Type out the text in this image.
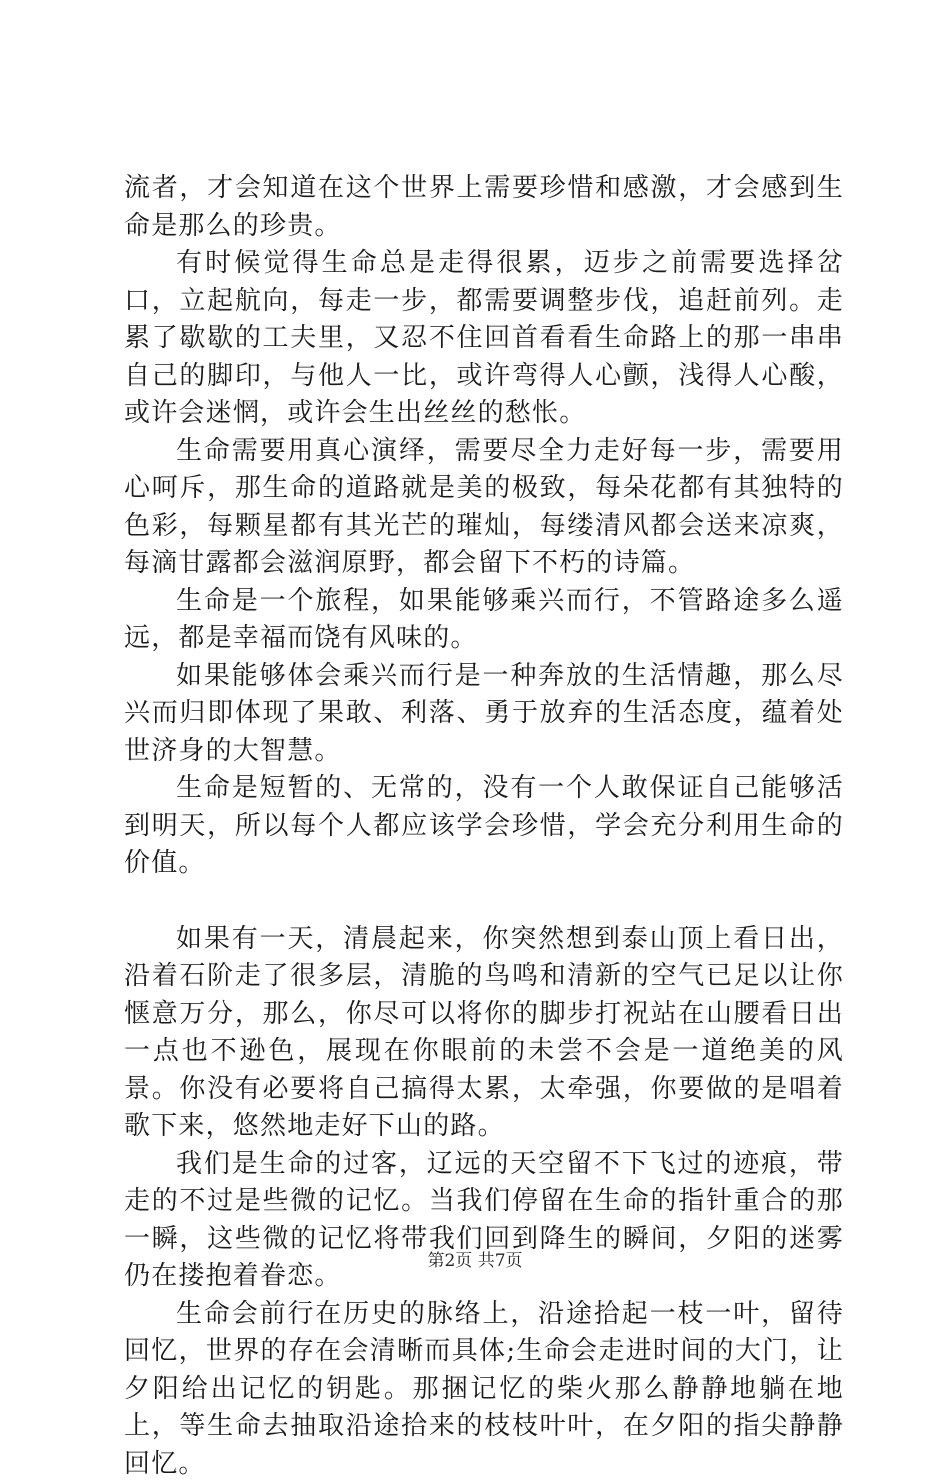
流者，才会知道在这个世界上需要珍惜和感激，才会感到生命是那么的珍贵。

有时候觉得生命总是走得很累，迈步之前需要选择岔口，立起航向，每走一步，都需要调整步伐，追赶前列。走累了歇歇的工夫里，又忍不住回首看看生命路上的那一串串自己的脚印，与他人一比，或许弯得人心颤，浅得人心酸，或许会迷惘，或许会生出丝丝的愁怅。

生命需要用真心演绎，需要尽全力走好每一步，需要用心呵斥，那生命的道路就是美的极致，每朵花都有其独特的色彩，每颗星都有其光芒的璀灿，每缕清风都会送来凉爽，每滴甘露都会滋润原野，都会留下不朽的诗篇。

生命是一个旅程，如果能够乘兴而行，不管路途多么遥远，都是幸福而饶有风味的。

如果能够体会乘兴而行是一种奔放的生活情趣，那么尽兴而归即体现了果敢、利落、勇于放弃的生活态度，蕴着处世济身的大智慧。

生命是短暂的、无常的，没有一个人敢保证自己能够活到明天，所以每个人都应该学会珍惜，学会充分利用生命的价值。

如果有一天，清晨起来，你突然想到泰山顶上看日出，沿着石阶走了很多层，清脆的鸟鸣和清新的空气已足以让你惬意万分，那么，你尽可以将你的脚步打祝站在山腰看日出一点也不逊色，展现在你眼前的未尝不会是一道绝美的风景。你没有必要将自己搞得太累，太牵强，你要做的是唱着歌下来，悠然地走好下山的路。

我们是生命的过客，辽远的天空留不下飞过的迹痕，带走的不过是些微的记忆。当我们停留在生命的指针重合的那一瞬，这些微的记忆将带我们回到降生的瞬间，夕阳的迷雾仍在搂抱着眷恋。

生命会前行在历史的脉络上，沿途拾起一枝一叶，留待回忆，世界的存在会清晰而具体;生命会走进时间的大门，让夕阳给出记忆的钥匙。那捆记忆的柴火那么静静地躺在地上，等生命去抽取沿途拾来的枝枝叶叶，在夕阳的指尖静静回忆。

第2页 共7页
